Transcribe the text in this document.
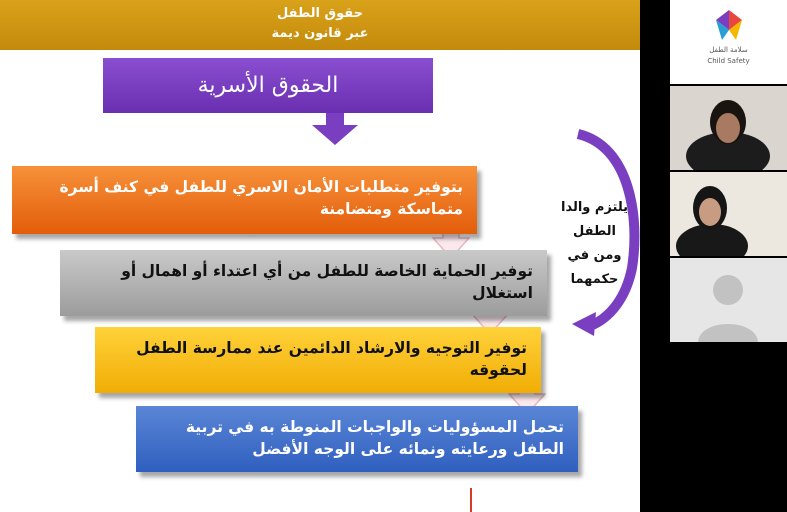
حقوق الطفل
عبر قانون ديمة
الحقوق الأسرية
بتوفير متطلبات الأمان الاسري للطفل في كنف أسرة متماسكة ومتضامنة
توفير الحماية الخاصة للطفل من أي اعتداء أو اهمال أو استغلال
توفير التوجيه والارشاد الدائمين عند ممارسة الطفل لحقوقه
تحمل المسؤوليات والواجبات المنوطة به في تربية الطفل ورعايته ونمائه على الوجه الأفضل
يلتزم والدا الطفل ومن في حكمهما
سلامة الطفل
Child Safety
